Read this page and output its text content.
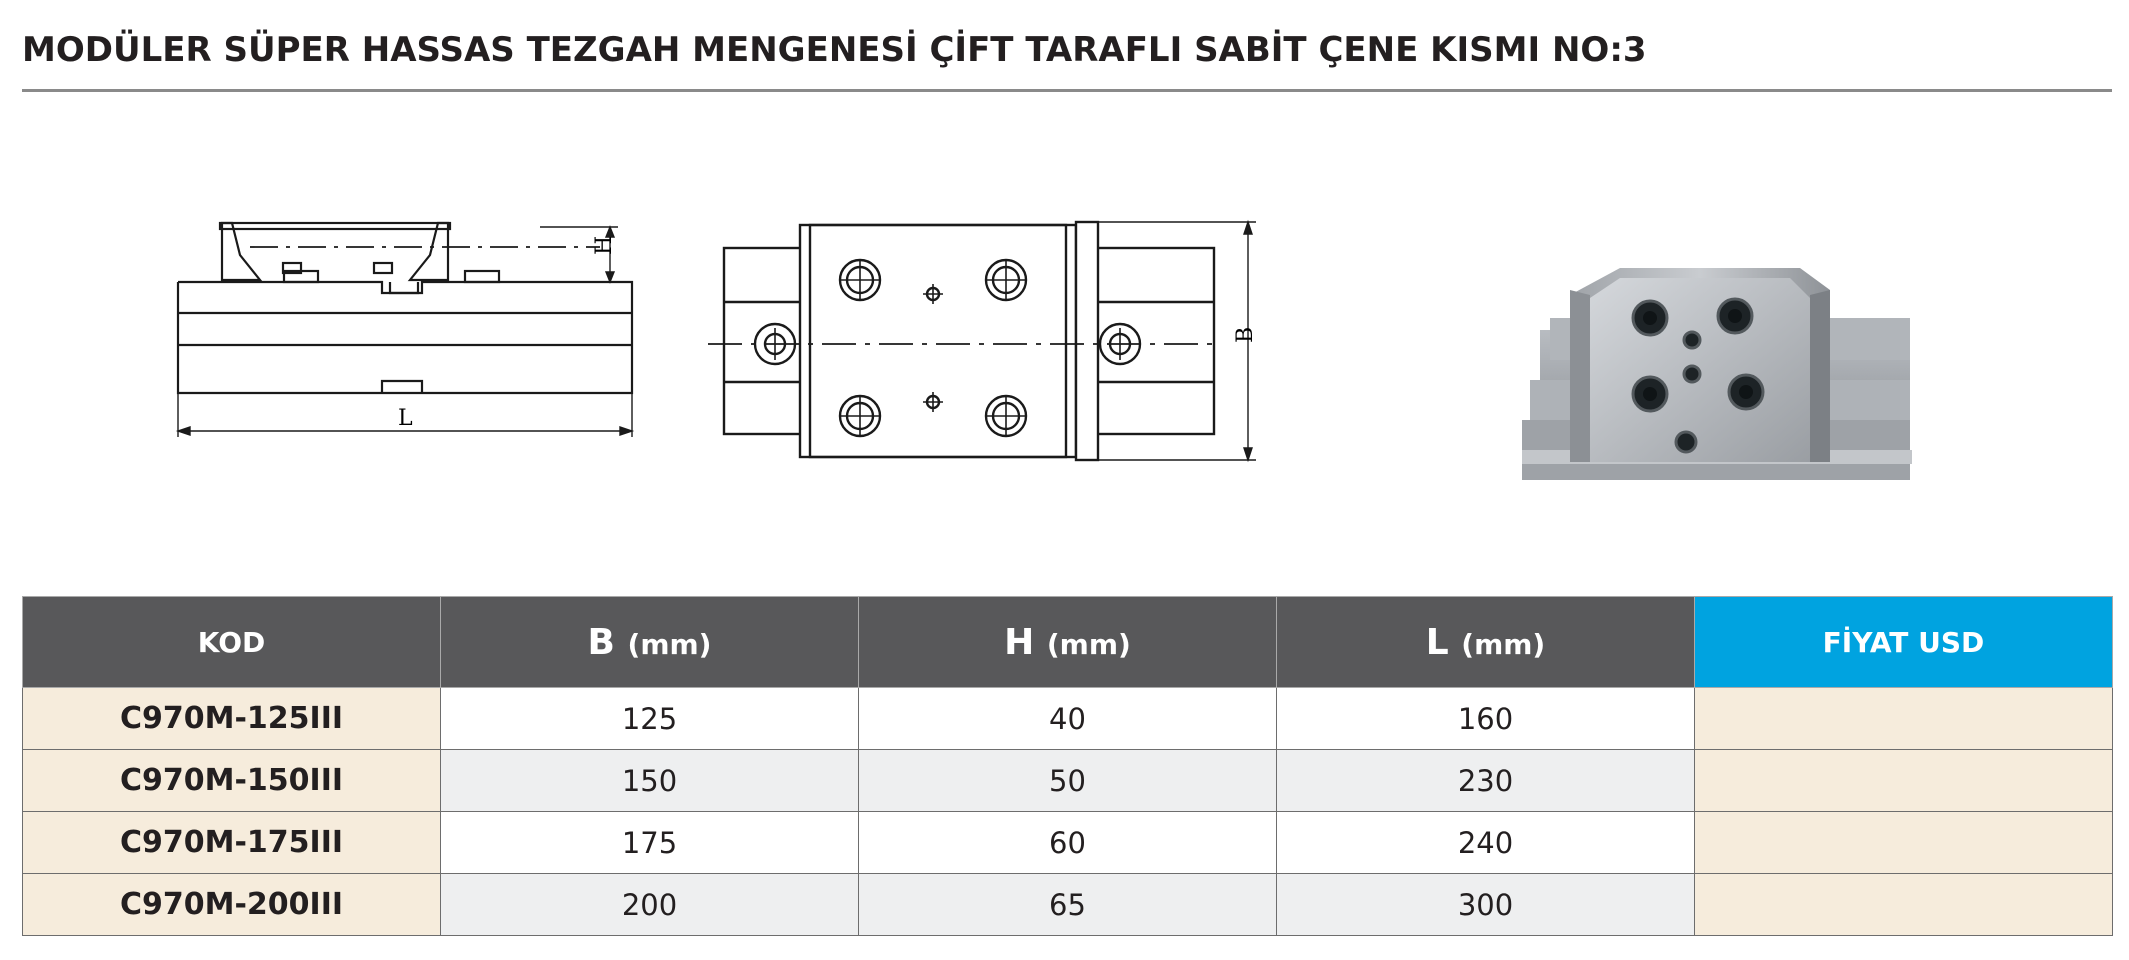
MODÜLER SÜPER HASSAS TEZGAH MENGENESİ ÇİFT TARAFLI SABİT ÇENE KISMI NO:3
H
L
B
KOD	B (mm)	H (mm)	L (mm)	FİYAT USD
C970M-125III	125	40	160	
C970M-150III	150	50	230	
C970M-175III	175	60	240	
C970M-200III	200	65	300	
